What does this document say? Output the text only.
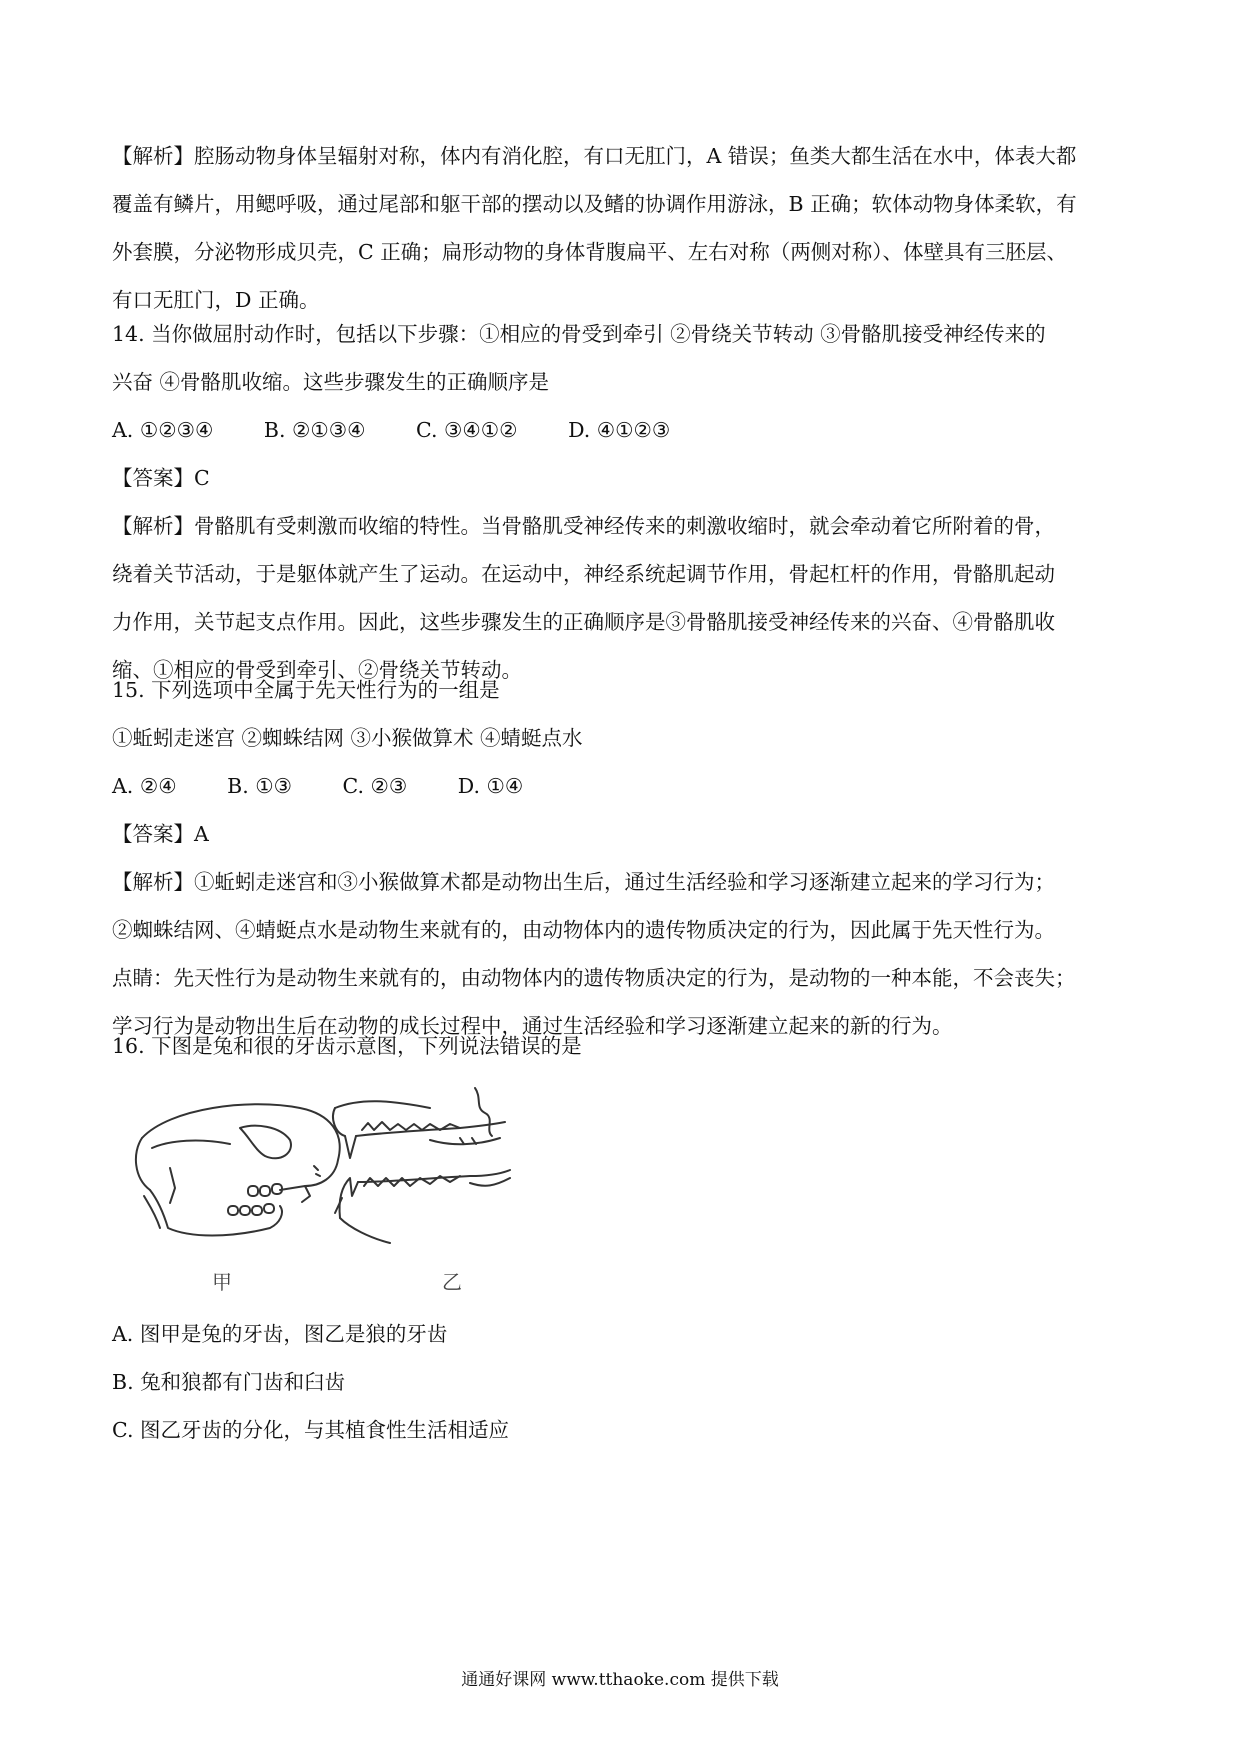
【解析】腔肠动物身体呈辐射对称，体内有消化腔，有口无肛门，A 错误；鱼类大都生活在水中，体表大都
覆盖有鳞片，用鳃呼吸，通过尾部和躯干部的摆动以及鳍的协调作用游泳，B 正确；软体动物身体柔软，有
外套膜，分泌物形成贝壳，C 正确；扁形动物的身体背腹扁平、左右对称（两侧对称）、体壁具有三胚层、
有口无肛门，D 正确。
14. 当你做屈肘动作时，包括以下步骤：①相应的骨受到牵引 ②骨绕关节转动 ③骨骼肌接受神经传来的
兴奋 ④骨骼肌收缩。这些步骤发生的正确顺序是
A. ①②③④ B. ②①③④ C. ③④①② D. ④①②③
【答案】C
【解析】骨骼肌有受刺激而收缩的特性。当骨骼肌受神经传来的刺激收缩时，就会牵动着它所附着的骨，
绕着关节活动，于是躯体就产生了运动。在运动中，神经系统起调节作用，骨起杠杆的作用，骨骼肌起动
力作用，关节起支点作用。因此，这些步骤发生的正确顺序是③骨骼肌接受神经传来的兴奋、④骨骼肌收
缩、①相应的骨受到牵引、②骨绕关节转动。
15. 下列选项中全属于先天性行为的一组是
①蚯蚓走迷宫 ②蜘蛛结网 ③小猴做算术 ④蜻蜓点水
A. ②④ B. ①③ C. ②③ D. ①④
【答案】A
【解析】①蚯蚓走迷宫和③小猴做算术都是动物出生后，通过生活经验和学习逐渐建立起来的学习行为；
②蜘蛛结网、④蜻蜓点水是动物生来就有的，由动物体内的遗传物质决定的行为，因此属于先天性行为。
点睛：先天性行为是动物生来就有的，由动物体内的遗传物质决定的行为，是动物的一种本能，不会丧失；
学习行为是动物出生后在动物的成长过程中，通过生活经验和学习逐渐建立起来的新的行为。
16. 下图是兔和很的牙齿示意图，下列说法错误的是
甲	乙
A. 图甲是兔的牙齿，图乙是狼的牙齿
B. 兔和狼都有门齿和臼齿
C. 图乙牙齿的分化，与其植食性生活相适应
通通好课网 www.tthaoke.com 提供下载
